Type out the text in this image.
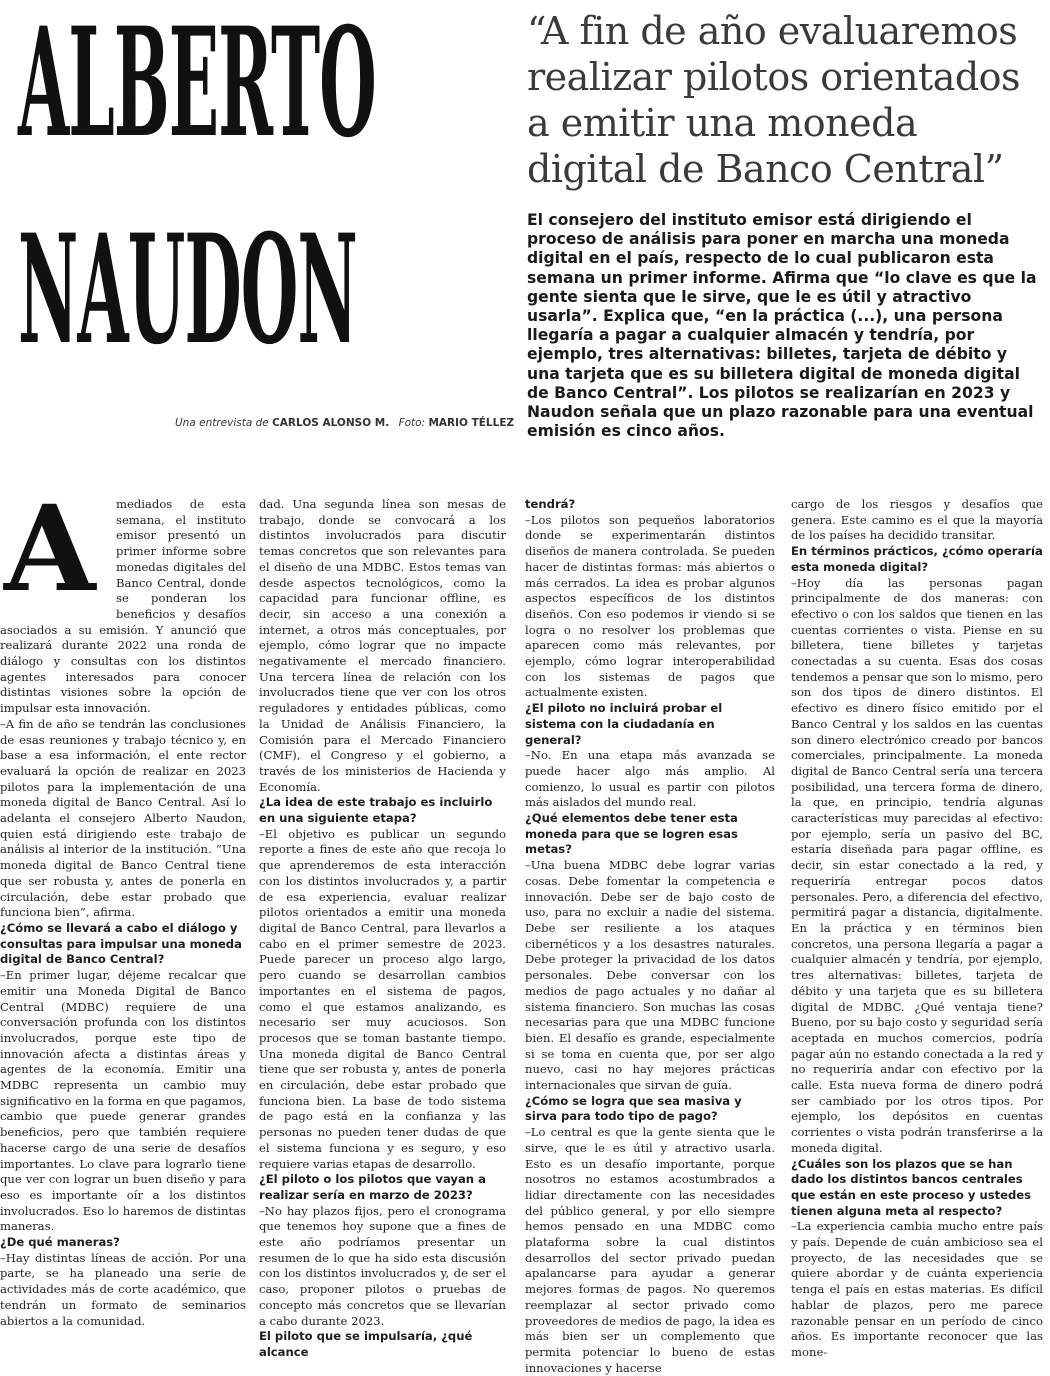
ALBERTO
NAUDON
“A fin de año evaluaremos realizar pilotos orientados a emitir una moneda digital de Banco Central”
El consejero del instituto emisor está dirigiendo el proceso de análisis para poner en marcha una moneda digital en el país, respecto de lo cual publicaron esta semana un primer informe. Afirma que “lo clave es que la gente sienta que le sirve, que le es útil y atractivo usarla”. Explica que, “en la práctica (...), una persona llegaría a pagar a cualquier almacén y tendría, por ejemplo, tres alternativas: billetes, tarjeta de débito y una tarjeta que es su billetera digital de moneda digital de Banco Central”. Los pilotos se realizarían en 2023 y Naudon señala que un plazo razonable para una eventual emisión es cinco años.
Una entrevista de CARLOS ALONSO M. Foto: MARIO TÉLLEZ
A	mediados de esta semana, el instituto emisor presentó un primer informe sobre monedas digitales del Banco Central, donde se ponderan los beneficios y desafíos asociados a su emisión. Y anunció que realizará durante 2022 una ronda de diálogo y consultas con los distintos agentes interesados para conocer distintas visiones sobre la opción de impulsar esta innovación.

–A fin de año se tendrán las conclusiones de esas reuniones y trabajo técnico y, en base a esa información, el ente rector evaluará la opción de realizar en 2023 pilotos para la implementación de una moneda digital de Banco Central. Así lo adelanta el consejero Alberto Naudon, quien está dirigiendo este trabajo de análisis al interior de la institución. “Una moneda digital de Banco Central tiene que ser robusta y, antes de ponerla en circulación, debe estar probado que funciona bien”, afirma.

¿Cómo se llevará a cabo el diálogo y consultas para impulsar una moneda digital de Banco Central?

–En primer lugar, déjeme recalcar que emitir una Moneda Digital de Banco Central (MDBC) requiere de una conversación profunda con los distintos involucrados, porque este tipo de innovación afecta a distintas áreas y agentes de la economía. Emitir una MDBC representa un cambio muy significativo en la forma en que pagamos, cambio que puede generar grandes beneficios, pero que también requiere hacerse cargo de una serie de desafíos importantes. Lo clave para lograrlo tiene que ver con lograr un buen diseño y para eso es importante oír a los distintos involucrados. Eso lo haremos de distintas maneras.

¿De qué maneras?

–Hay distintas líneas de acción. Por una parte, se ha planeado una serie de actividades más de corte académico, que tendrán un formato de seminarios abiertos a la comunidad.

dad. Una segunda línea son mesas de trabajo, donde se convocará a los distintos involucrados para discutir temas concretos que son relevantes para el diseño de una MDBC. Estos temas van desde aspectos tecnológicos, como la capacidad para funcionar offline, es decir, sin acceso a una conexión a internet, a otros más conceptuales, por ejemplo, cómo lograr que no impacte negativamente el mercado financiero. Una tercera línea de relación con los involucrados tiene que ver con los otros reguladores y entidades públicas, como la Unidad de Análisis Financiero, la Comisión para el Mercado Financiero (CMF), el Congreso y el gobierno, a través de los ministerios de Hacienda y Economía.

¿La idea de este trabajo es incluirlo en una siguiente etapa?

–El objetivo es publicar un segundo reporte a fines de este año que recoja lo que aprenderemos de esta interacción con los distintos involucrados y, a partir de esa experiencia, evaluar realizar pilotos orientados a emitir una moneda digital de Banco Central, para llevarlos a cabo en el primer semestre de 2023. Puede parecer un proceso algo largo, pero cuando se desarrollan cambios importantes en el sistema de pagos, como el que estamos analizando, es necesario ser muy acuciosos. Son procesos que se toman bastante tiempo. Una moneda digital de Banco Central tiene que ser robusta y, antes de ponerla en circulación, debe estar probado que funciona bien. La base de todo sistema de pago está en la confianza y las personas no pueden tener dudas de que el sistema funciona y es seguro, y eso requiere varias etapas de desarrollo.

¿El piloto o los pilotos que vayan a realizar sería en marzo de 2023?

–No hay plazos fijos, pero el cronograma que tenemos hoy supone que a fines de este año podríamos presentar un resumen de lo que ha sido esta discusión con los distintos involucrados y, de ser el caso, proponer pilotos o pruebas de concepto más concretos que se llevarían a cabo durante 2023.

El piloto que se impulsaría, ¿qué alcance

tendrá?

–Los pilotos son pequeños laboratorios donde se experimentarán distintos diseños de manera controlada. Se pueden hacer de distintas formas: más abiertos o más cerrados. La idea es probar algunos aspectos específicos de los distintos diseños. Con eso podemos ir viendo si se logra o no resolver los problemas que aparecen como más relevantes, por ejemplo, cómo lograr interoperabilidad con los sistemas de pagos que actualmente existen.

¿El piloto no incluirá probar el sistema con la ciudadanía en general?

–No. En una etapa más avanzada se puede hacer algo más amplio. Al comienzo, lo usual es partir con pilotos más aislados del mundo real.

¿Qué elementos debe tener esta moneda para que se logren esas metas?

–Una buena MDBC debe lograr varias cosas. Debe fomentar la competencia e innovación. Debe ser de bajo costo de uso, para no excluir a nadie del sistema. Debe ser resiliente a los ataques cibernéticos y a los desastres naturales. Debe proteger la privacidad de los datos personales. Debe conversar con los medios de pago actuales y no dañar al sistema financiero. Son muchas las cosas necesarias para que una MDBC funcione bien. El desafío es grande, especialmente si se toma en cuenta que, por ser algo nuevo, casi no hay mejores prácticas internacionales que sirvan de guía.

¿Cómo se logra que sea masiva y sirva para todo tipo de pago?

–Lo central es que la gente sienta que le sirve, que le es útil y atractivo usarla. Esto es un desafío importante, porque nosotros no estamos acostumbrados a lidiar directamente con las necesidades del público general, y por ello siempre hemos pensado en una MDBC como plataforma sobre la cual distintos desarrollos del sector privado puedan apalancarse para ayudar a generar mejores formas de pagos. No queremos reemplazar al sector privado como proveedores de medios de pago, la idea es más bien ser un complemento que permita potenciar lo bueno de estas innovaciones y hacerse

cargo de los riesgos y desafíos que genera. Este camino es el que la mayoría de los países ha decidido transitar.

En términos prácticos, ¿cómo operaría esta moneda digital?

–Hoy día las personas pagan principalmente de dos maneras: con efectivo o con los saldos que tienen en las cuentas corrientes o vista. Piense en su billetera, tiene billetes y tarjetas conectadas a su cuenta. Esas dos cosas tendemos a pensar que son lo mismo, pero son dos tipos de dinero distintos. El efectivo es dinero físico emitido por el Banco Central y los saldos en las cuentas son dinero electrónico creado por bancos comerciales, principalmente. La moneda digital de Banco Central sería una tercera posibilidad, una tercera forma de dinero, la que, en principio, tendría algunas características muy parecidas al efectivo: por ejemplo, sería un pasivo del BC, estaría diseñada para pagar offline, es decir, sin estar conectado a la red, y requeriría entregar pocos datos personales. Pero, a diferencia del efectivo, permitirá pagar a distancia, digitalmente. En la práctica y en términos bien concretos, una persona llegaría a pagar a cualquier almacén y tendría, por ejemplo, tres alternativas: billetes, tarjeta de débito y una tarjeta que es su billetera digital de MDBC. ¿Qué ventaja tiene? Bueno, por su bajo costo y seguridad sería aceptada en muchos comercios, podría pagar aún no estando conectada a la red y no requeriría andar con efectivo por la calle. Esta nueva forma de dinero podrá ser cambiado por los otros tipos. Por ejemplo, los depósitos en cuentas corrientes o vista podrán transferirse a la moneda digital.

¿Cuáles son los plazos que se han dado los distintos bancos centrales que están en este proceso y ustedes tienen alguna meta al respecto?

–La experiencia cambia mucho entre país y país. Depende de cuán ambicioso sea el proyecto, de las necesidades que se quiere abordar y de cuánta experiencia tenga el país en estas materias. Es difícil hablar de plazos, pero me parece razonable pensar en un período de cinco años. Es importante reconocer que las mone-
